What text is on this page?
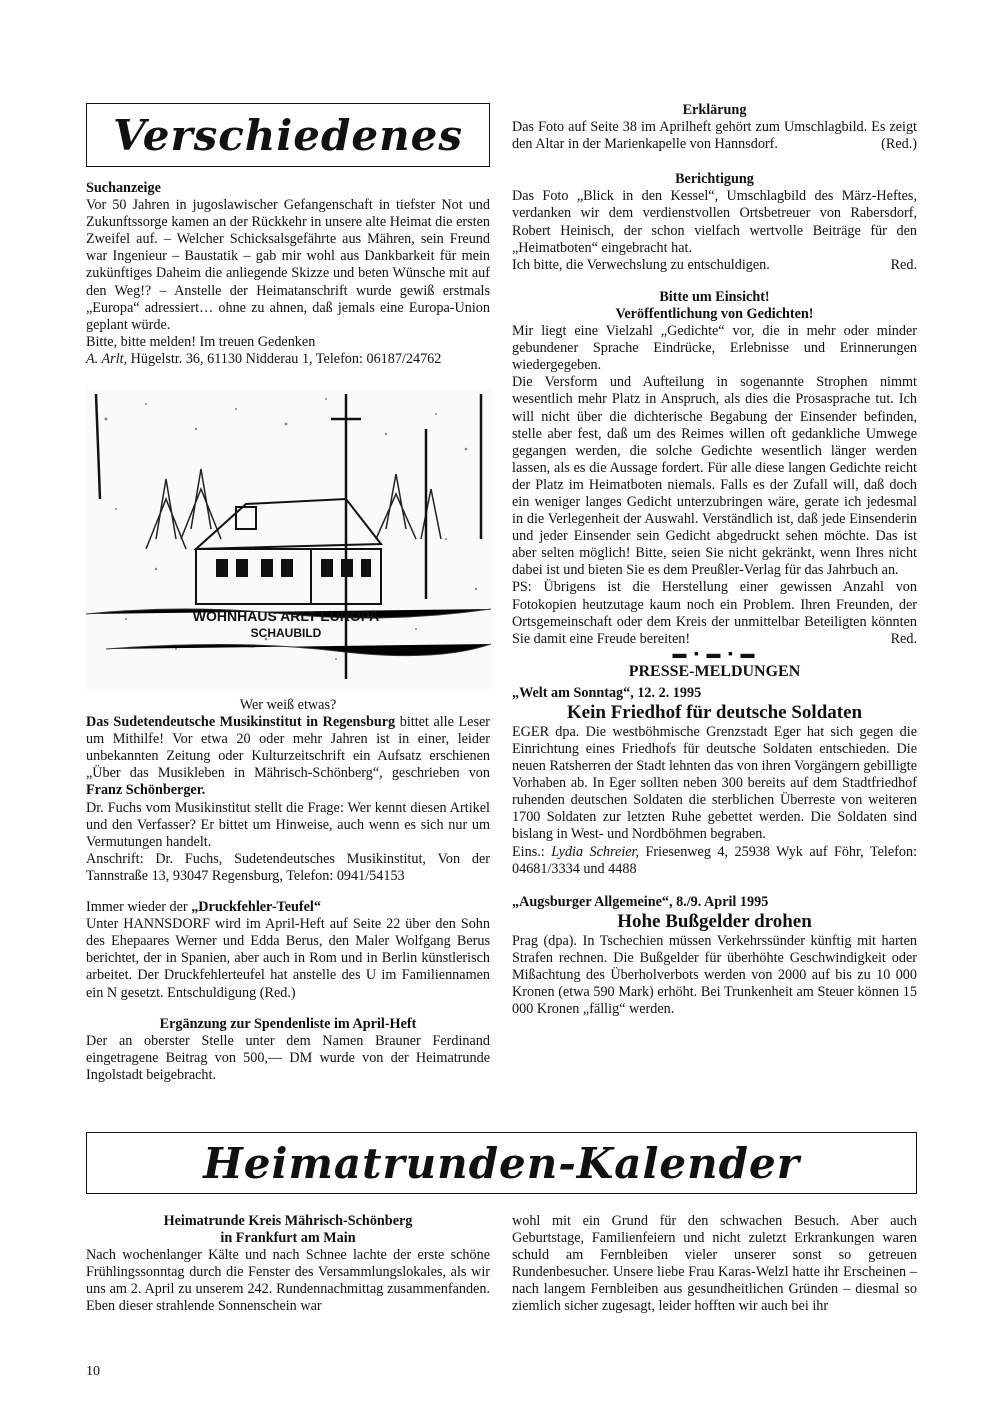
Verschiedenes

Suchanzeige

Vor 50 Jahren in jugoslawischer Gefangenschaft in tiefster Not und Zukunftssorge kamen an der Rückkehr in unsere alte Heimat die ersten Zweifel auf. – Welcher Schicksalsgefährte aus Mähren, sein Freund war Ingenieur – Baustatik – gab mir wohl aus Dankbarkeit für mein zukünftiges Daheim die anliegende Skizze und beten Wünsche mit auf den Weg!? – Anstelle der Heimatanschrift wurde gewiß erstmals „Europa“ adressiert… ohne zu ahnen, daß jemals eine Europa-Union geplant würde.

Bitte, bitte melden! Im treuen Gedenken

A. Arlt, Hügelstr. 36, 61130 Nidderau 1, Telefon: 06187/24762

WOHNHAUS ARLT EUROPA
SCHAUBILD

Wer weiß etwas?

Das Sudetendeutsche Musikinstitut in Regensburg bittet alle Leser um Mithilfe! Vor etwa 20 oder mehr Jahren ist in einer, leider unbekannten Zeitung oder Kulturzeitschrift ein Aufsatz erschienen „Über das Musikleben in Mährisch-Schönberg“, geschrieben von Franz Schönberger.

Dr. Fuchs vom Musikinstitut stellt die Frage: Wer kennt diesen Artikel und den Verfasser? Er bittet um Hinweise, auch wenn es sich nur um Vermutungen handelt.

Anschrift: Dr. Fuchs, Sudetendeutsches Musikinstitut, Von der Tannstraße 13, 93047 Regensburg, Telefon: 0941/54153

Immer wieder der „Druckfehler-Teufel“

Unter HANNSDORF wird im April-Heft auf Seite 22 über den Sohn des Ehepaares Werner und Edda Berus, den Maler Wolfgang Berus berichtet, der in Spanien, aber auch in Rom und in Berlin künstlerisch arbeitet. Der Druckfehlerteufel hat anstelle des U im Familiennamen ein N gesetzt. Entschuldigung (Red.)

Ergänzung zur Spendenliste im April-Heft

Der an oberster Stelle unter dem Namen Brauner Ferdinand eingetragene Beitrag von 500,— DM wurde von der Heimatrunde Ingolstadt beigebracht.

Erklärung

Das Foto auf Seite 38 im Aprilheft gehört zum Umschlagbild. Es zeigt den Altar in der Marienkapelle von Hannsdorf.	(Red.)

Berichtigung

Das Foto „Blick in den Kessel“, Umschlagbild des März-Heftes, verdanken wir dem verdienstvollen Ortsbetreuer von Rabersdorf, Robert Heinisch, der schon vielfach wertvolle Beiträge für den „Heimatboten“ eingebracht hat.

Ich bitte, die Verwechslung zu entschuldigen.	Red.

Bitte um Einsicht!

Veröffentlichung von Gedichten!

Mir liegt eine Vielzahl „Gedichte“ vor, die in mehr oder minder gebundener Sprache Eindrücke, Erlebnisse und Erinnerungen wiedergegeben.

Die Versform und Aufteilung in sogenannte Strophen nimmt wesentlich mehr Platz in Anspruch, als dies die Prosasprache tut. Ich will nicht über die dichterische Begabung der Einsender befinden, stelle aber fest, daß um des Reimes willen oft gedankliche Umwege gegangen werden, die solche Gedichte wesentlich länger werden lassen, als es die Aussage fordert. Für alle diese langen Gedichte reicht der Platz im Heimatboten niemals. Falls es der Zufall will, daß doch ein weniger langes Gedicht unterzubringen wäre, gerate ich jedesmal in die Verlegenheit der Auswahl. Verständlich ist, daß jede Einsenderin und jeder Einsender sein Gedicht abgedruckt sehen möchte. Das ist aber selten möglich! Bitte, seien Sie nicht gekränkt, wenn Ihres nicht dabei ist und bieten Sie es dem Preußler-Verlag für das Jahrbuch an.

PS: Übrigens ist die Herstellung einer gewissen Anzahl von Fotokopien heutzutage kaum noch ein Problem. Ihren Freunden, der Ortsgemeinschaft oder dem Kreis der unmittelbar Beteiligten könnten Sie damit eine Freude bereiten!	Red.

▬ ▪ ▬ ▪ ▬

PRESSE-MELDUNGEN

„Welt am Sonntag“, 12. 2. 1995

Kein Friedhof für deutsche Soldaten

EGER dpa. Die westböhmische Grenzstadt Eger hat sich gegen die Einrichtung eines Friedhofs für deutsche Soldaten entschieden. Die neuen Ratsherren der Stadt lehnten das von ihren Vorgängern gebilligte Vorhaben ab. In Eger sollten neben 300 bereits auf dem Stadtfriedhof ruhenden deutschen Soldaten die sterblichen Überreste von weiteren 1700 Soldaten zur letzten Ruhe gebettet werden. Die Soldaten sind bislang in West- und Nordböhmen begraben.

Eins.: Lydia Schreier, Friesenweg 4, 25938 Wyk auf Föhr, Telefon: 04681/3334 und 4488

„Augsburger Allgemeine“, 8./9. April 1995

Hohe Bußgelder drohen

Prag (dpa). In Tschechien müssen Verkehrssünder künftig mit harten Strafen rechnen. Die Bußgelder für überhöhte Geschwindigkeit oder Mißachtung des Überholverbots werden von 2000 auf bis zu 10 000 Kronen (etwa 590 Mark) erhöht. Bei Trunkenheit am Steuer können 15 000 Kronen „fällig“ werden.

Heimatrunden-Kalender

Heimatrunde Kreis Mährisch-Schönberg

in Frankfurt am Main

Nach wochenlanger Kälte und nach Schnee lachte der erste schöne Frühlingssonntag durch die Fenster des Versammlungslokales, als wir uns am 2. April zu unserem 242. Rundennachmittag zusammenfanden. Eben dieser strahlende Sonnenschein war

wohl mit ein Grund für den schwachen Besuch. Aber auch Geburtstage, Familienfeiern und nicht zuletzt Erkrankungen waren schuld am Fernbleiben vieler unserer sonst so getreuen Rundenbesucher. Unsere liebe Frau Karas-Welzl hatte ihr Erscheinen – nach langem Fernbleiben aus gesundheitlichen Gründen – diesmal so ziemlich sicher zugesagt, leider hofften wir auch bei ihr

10
